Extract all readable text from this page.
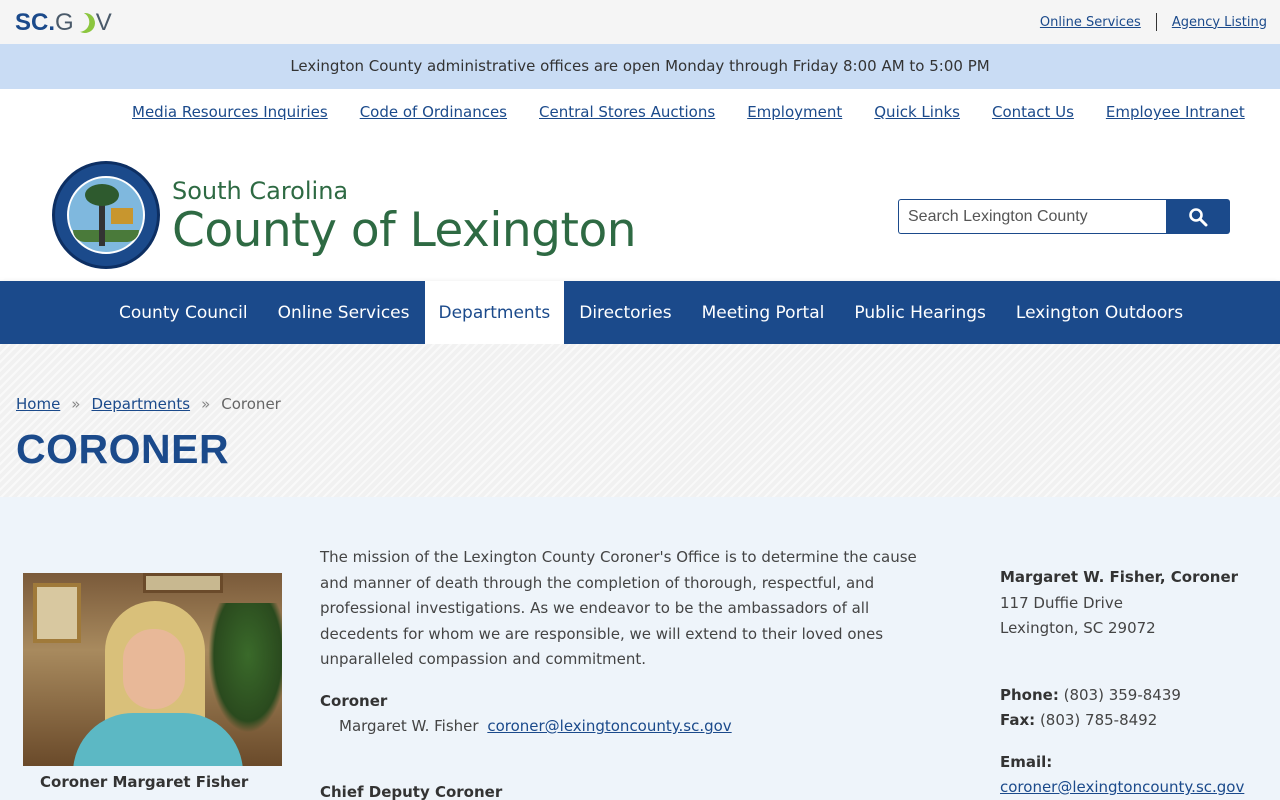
SC . G V	Online Services Agency Listing
Lexington County administrative offices are open Monday through Friday 8:00 AM to 5:00 PM
Media Resources Inquiries Code of Ordinances Central Stores Auctions Employment Quick Links Contact Us Employee Intranet
South Carolina
County of Lexington
Search Lexington County
County Council	Online Services	Departments	Directories	Meeting Portal	Public Hearings	Lexington Outdoors
Home » Departments » Coroner
CORONER
Coroner Margaret Fisher

The mission of the Lexington County Coroner's Office is to determine the cause and manner of death through the completion of thorough, respectful, and professional investigations. As we endeavor to be the ambassadors of all decedents for whom we are responsible, we will extend to their loved ones unparalleled compassion and commitment.

Coroner
Margaret W. Fisher coroner@lexingtoncounty.sc.gov
Chief Deputy Coroner
Margaret W. Fisher, Coroner
117 Duffie Drive
Lexington, SC 29072
Phone: (803) 359-8439
Fax: (803) 785-8492
Email:
coroner@lexingtoncounty.sc.gov
